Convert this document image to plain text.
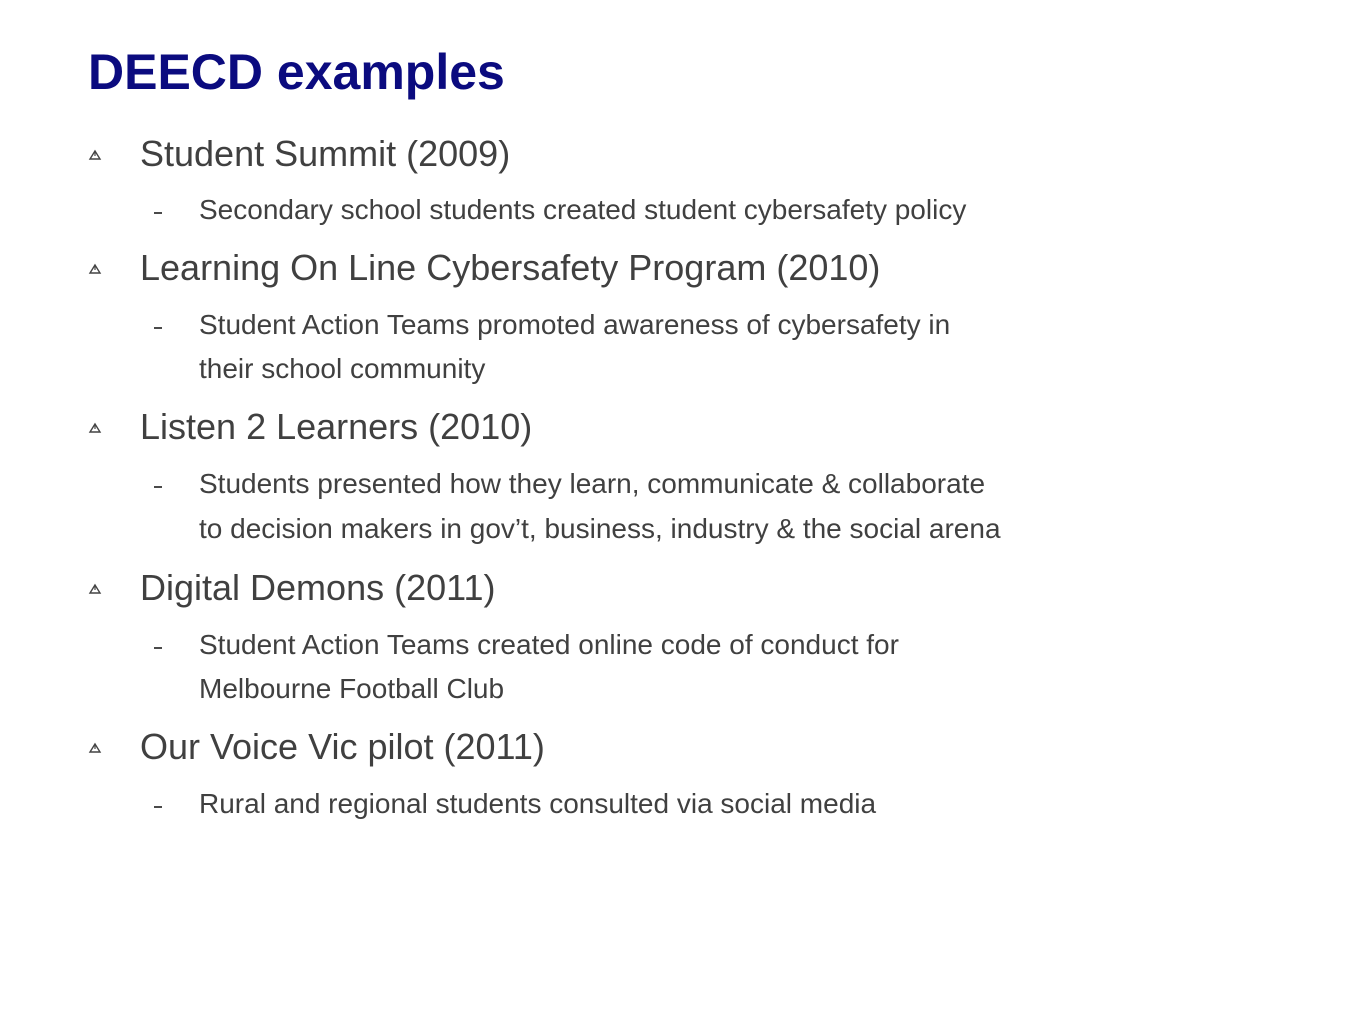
DEECD examples
Student Summit (2009)
Secondary school students created student cybersafety policy
Learning On Line Cybersafety Program (2010)
Student Action Teams promoted awareness of cybersafety in
their school community
Listen 2 Learners (2010)
Students presented how they learn, communicate & collaborate
to decision makers in gov’t, business, industry & the social arena
Digital Demons (2011)
Student Action Teams created online code of conduct for
Melbourne Football Club
Our Voice Vic pilot (2011)
Rural and regional students consulted via social media
